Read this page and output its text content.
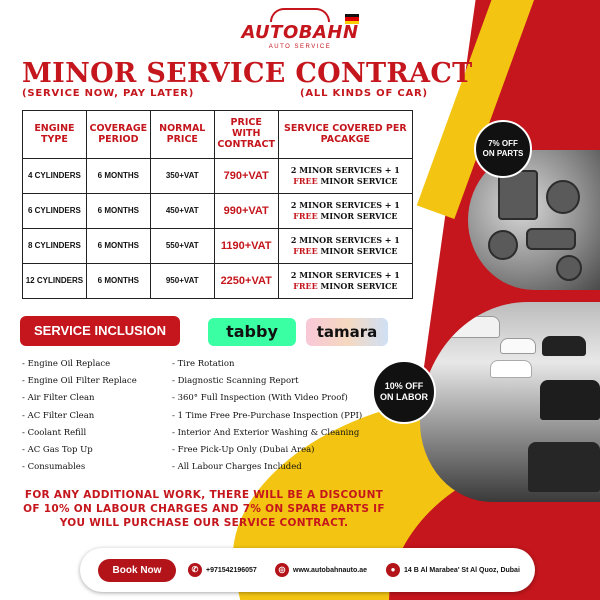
AUTOBAHN
AUTO SERVICE
MINOR SERVICE CONTRACT
(SERVICE NOW, PAY LATER)	(ALL KINDS OF CAR)
ENGINE TYPE	COVERAGE PERIOD	NORMAL PRICE	PRICE WITH CONTRACT	SERVICE COVERED PER PACAKGE
4 CYLINDERS	6 MONTHS	350+VAT	790+VAT	2 MINOR SERVICES + 1
FREE MINOR SERVICE
6 CYLINDERS	6 MONTHS	450+VAT	990+VAT	2 MINOR SERVICES + 1
FREE MINOR SERVICE
8 CYLINDERS	6 MONTHS	550+VAT	1190+VAT	2 MINOR SERVICES + 1
FREE MINOR SERVICE
12 CYLINDERS	6 MONTHS	950+VAT	2250+VAT	2 MINOR SERVICES + 1
FREE MINOR SERVICE
7% OFF
ON PARTS
10% OFF
ON LABOR
SERVICE INCLUSION	tabby	tamara
- Engine Oil Replace
- Engine Oil Filter Replace
- Air Filter Clean
- AC Filter Clean
- Coolant Refill
- AC Gas Top Up
- Consumables
- Tire Rotation
- Diagnostic Scanning Report
- 360° Full Inspection (With Video Proof)
- 1 Time Free Pre-Purchase Inspection (PPI)
- Interior And Exterior Washing & Cleaning
- Free Pick-Up Only (Dubai Area)
- All Labour Charges Included
FOR ANY ADDITIONAL WORK, THERE WILL BE A DISCOUNT
OF 10% ON LABOUR CHARGES AND 7% ON SPARE PARTS IF
YOU WILL PURCHASE OUR SERVICE CONTRACT.
Book Now	✆	+971542196057	◎	www.autobahnauto.ae	●	14 B Al Marabea' St Al Quoz, Dubai
